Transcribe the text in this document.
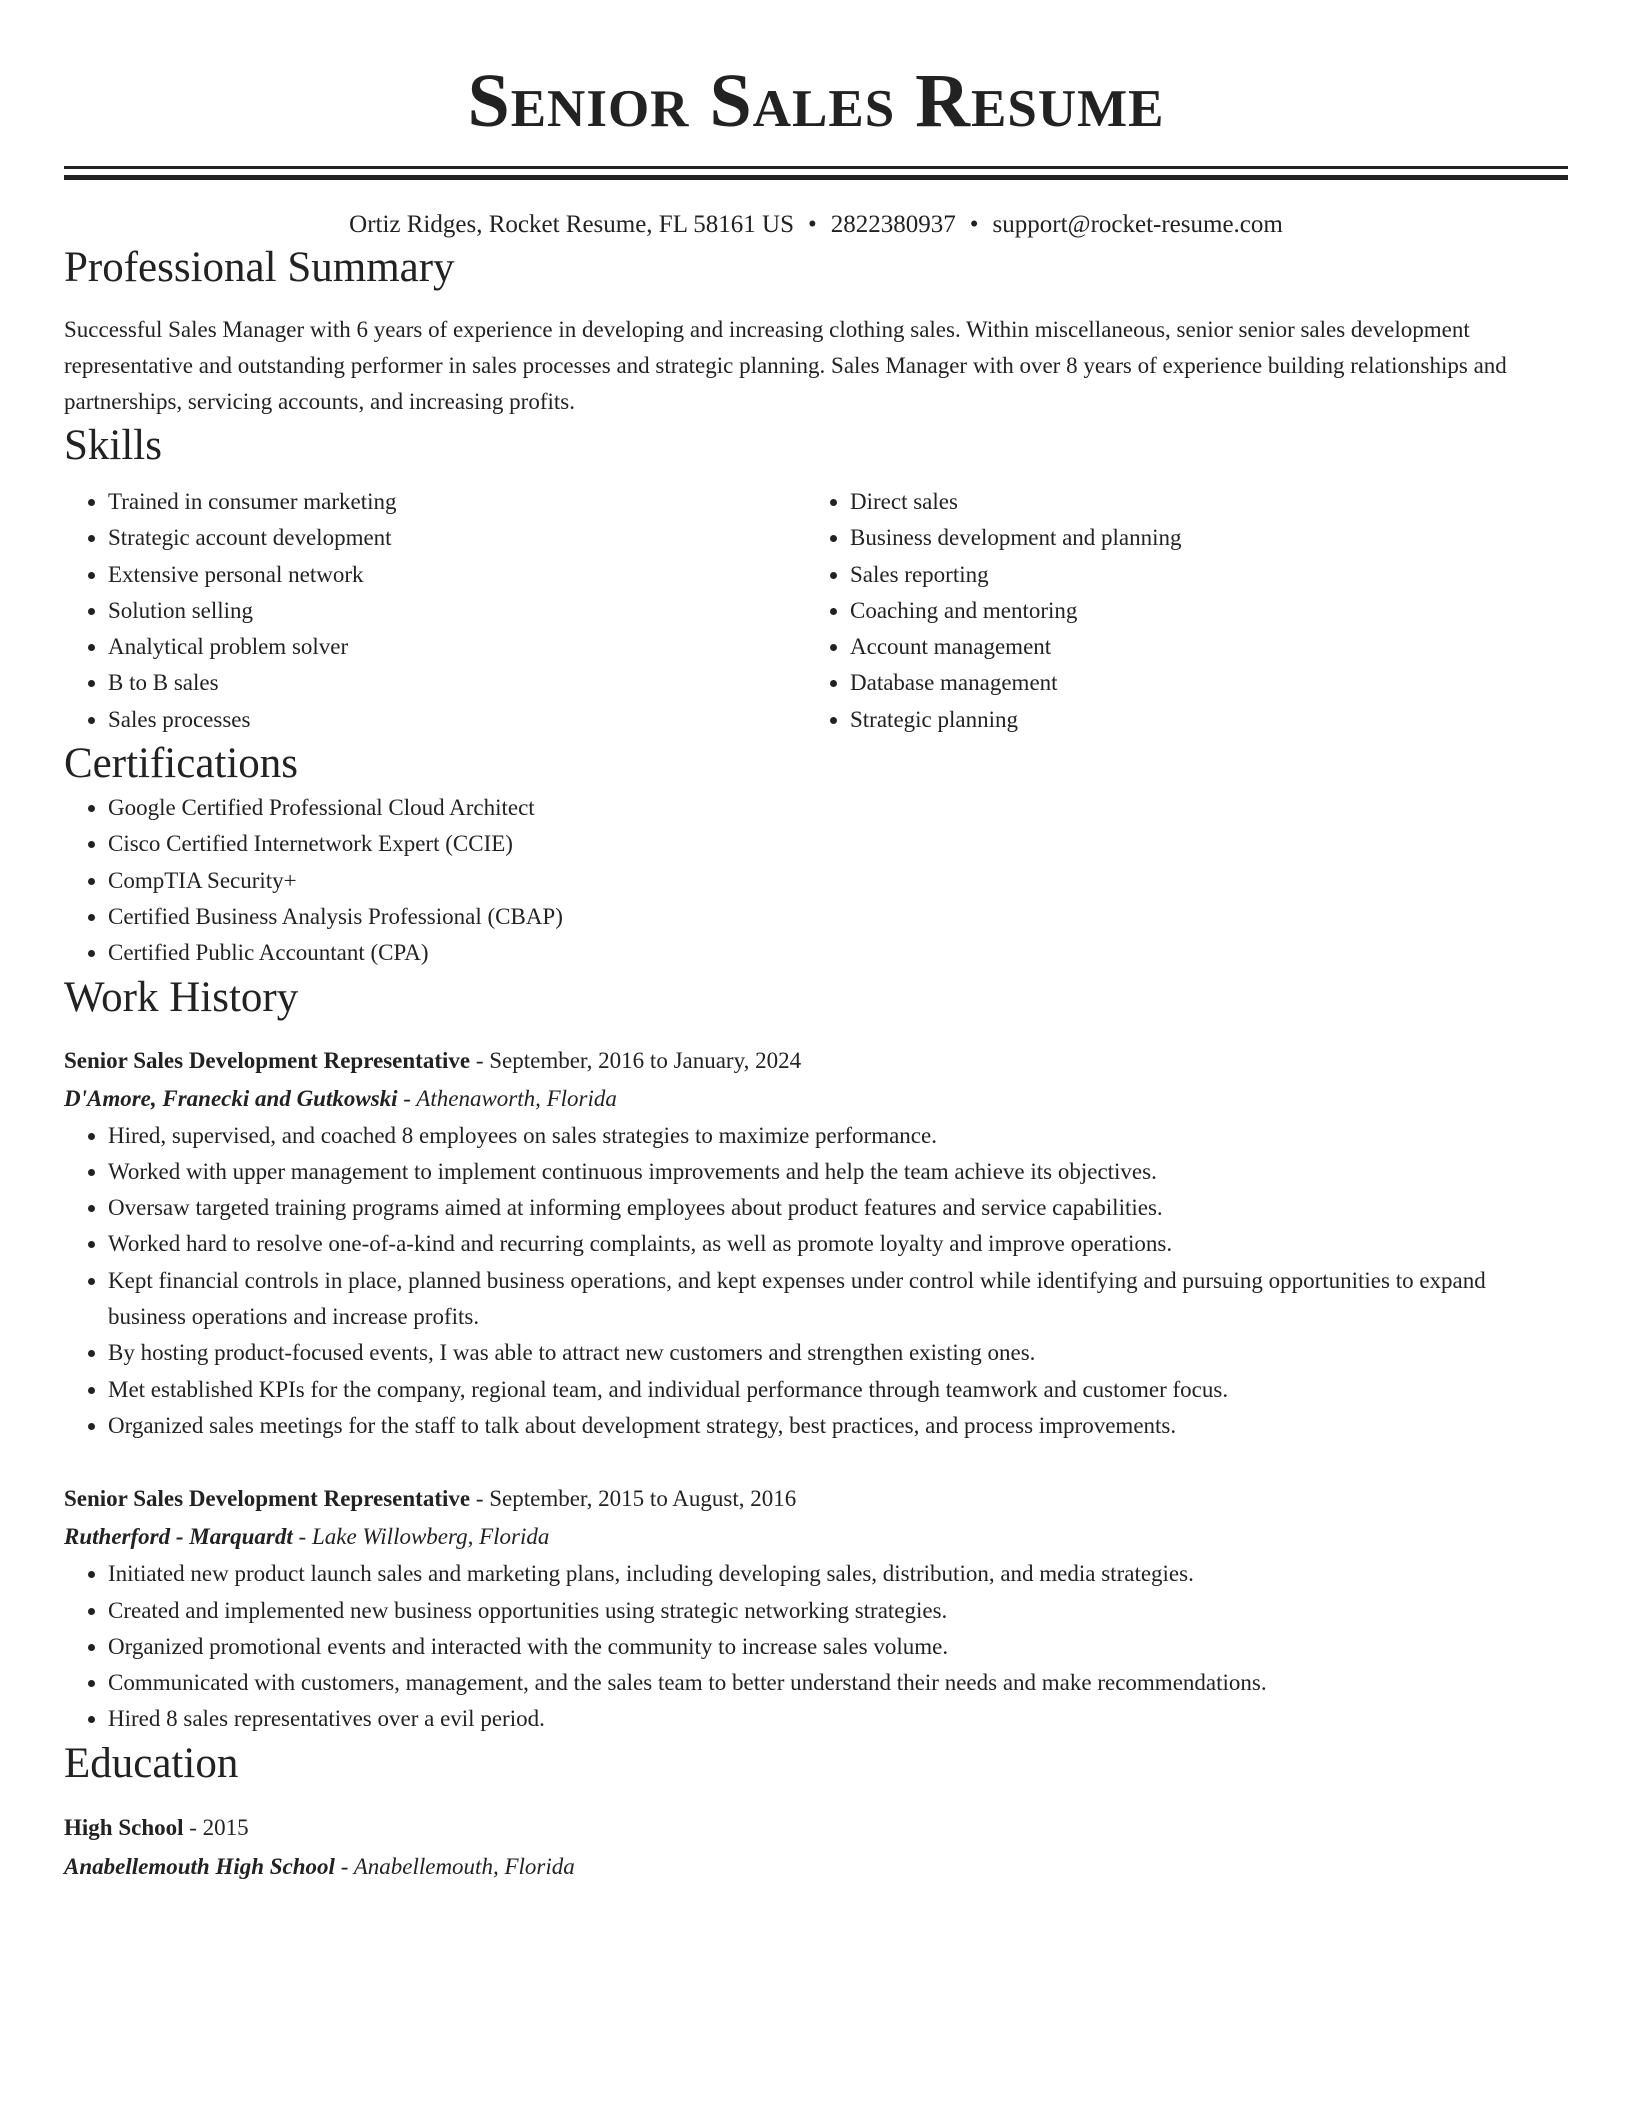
Senior Sales Resume
Ortiz Ridges, Rocket Resume, FL 58161 US • 2822380937 • support@rocket-resume.com
Professional Summary

Successful Sales Manager with 6 years of experience in developing and increasing clothing sales. Within miscellaneous, senior senior sales development representative and outstanding performer in sales processes and strategic planning. Sales Manager with over 8 years of experience building relationships and partnerships, servicing accounts, and increasing profits.

Skills
• Trained in consumer marketing
• Strategic account development
• Extensive personal network
• Solution selling
• Analytical problem solver
• B to B sales
• Sales processes
• Direct sales
• Business development and planning
• Sales reporting
• Coaching and mentoring
• Account management
• Database management
• Strategic planning
Certifications
• Google Certified Professional Cloud Architect
• Cisco Certified Internetwork Expert (CCIE)
• CompTIA Security+
• Certified Business Analysis Professional (CBAP)
• Certified Public Accountant (CPA)
Work History
Senior Sales Development Representative - September, 2016 to January, 2024
D'Amore, Franecki and Gutkowski - Athenaworth, Florida
• Hired, supervised, and coached 8 employees on sales strategies to maximize performance.
• Worked with upper management to implement continuous improvements and help the team achieve its objectives.
• Oversaw targeted training programs aimed at informing employees about product features and service capabilities.
• Worked hard to resolve one-of-a-kind and recurring complaints, as well as promote loyalty and improve operations.
• Kept financial controls in place, planned business operations, and kept expenses under control while identifying and pursuing opportunities to expand business operations and increase profits.
• By hosting product-focused events, I was able to attract new customers and strengthen existing ones.
• Met established KPIs for the company, regional team, and individual performance through teamwork and customer focus.
• Organized sales meetings for the staff to talk about development strategy, best practices, and process improvements.
Senior Sales Development Representative - September, 2015 to August, 2016
Rutherford - Marquardt - Lake Willowberg, Florida
• Initiated new product launch sales and marketing plans, including developing sales, distribution, and media strategies.
• Created and implemented new business opportunities using strategic networking strategies.
• Organized promotional events and interacted with the community to increase sales volume.
• Communicated with customers, management, and the sales team to better understand their needs and make recommendations.
• Hired 8 sales representatives over a evil period.
Education
High School - 2015
Anabellemouth High School - Anabellemouth, Florida
